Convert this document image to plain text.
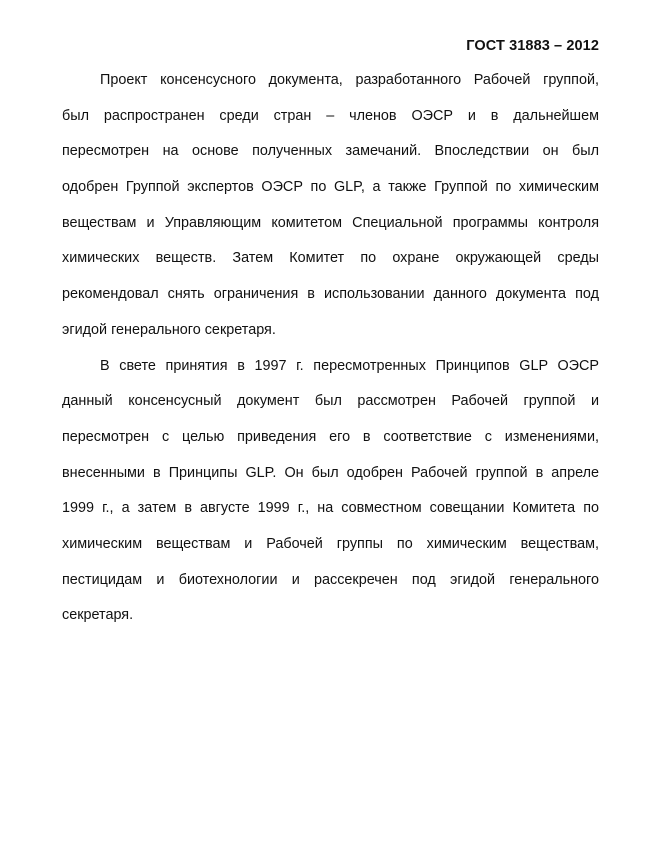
ГОСТ 31883 – 2012
Проект консенсусного документа, разработанного Рабочей группой,
был распространен среди стран – членов ОЭСР и в дальнейшем
пересмотрен на основе полученных замечаний. Впоследствии он был
одобрен Группой экспертов ОЭСР по GLP, а также Группой по химическим
веществам и Управляющим комитетом Специальной программы контроля
химических веществ. Затем Комитет по охране окружающей среды
рекомендовал снять ограничения в использовании данного документа под
эгидой генерального секретаря.
В свете принятия в 1997 г. пересмотренных Принципов GLP ОЭСР
данный консенсусный документ был рассмотрен Рабочей группой и
пересмотрен с целью приведения его в соответствие с изменениями,
внесенными в Принципы GLP. Он был одобрен Рабочей группой в апреле
1999 г., а затем в августе 1999 г., на совместном совещании Комитета по
химическим веществам и Рабочей группы по химическим веществам,
пестицидам и биотехнологии и рассекречен под эгидой генерального
секретаря.
